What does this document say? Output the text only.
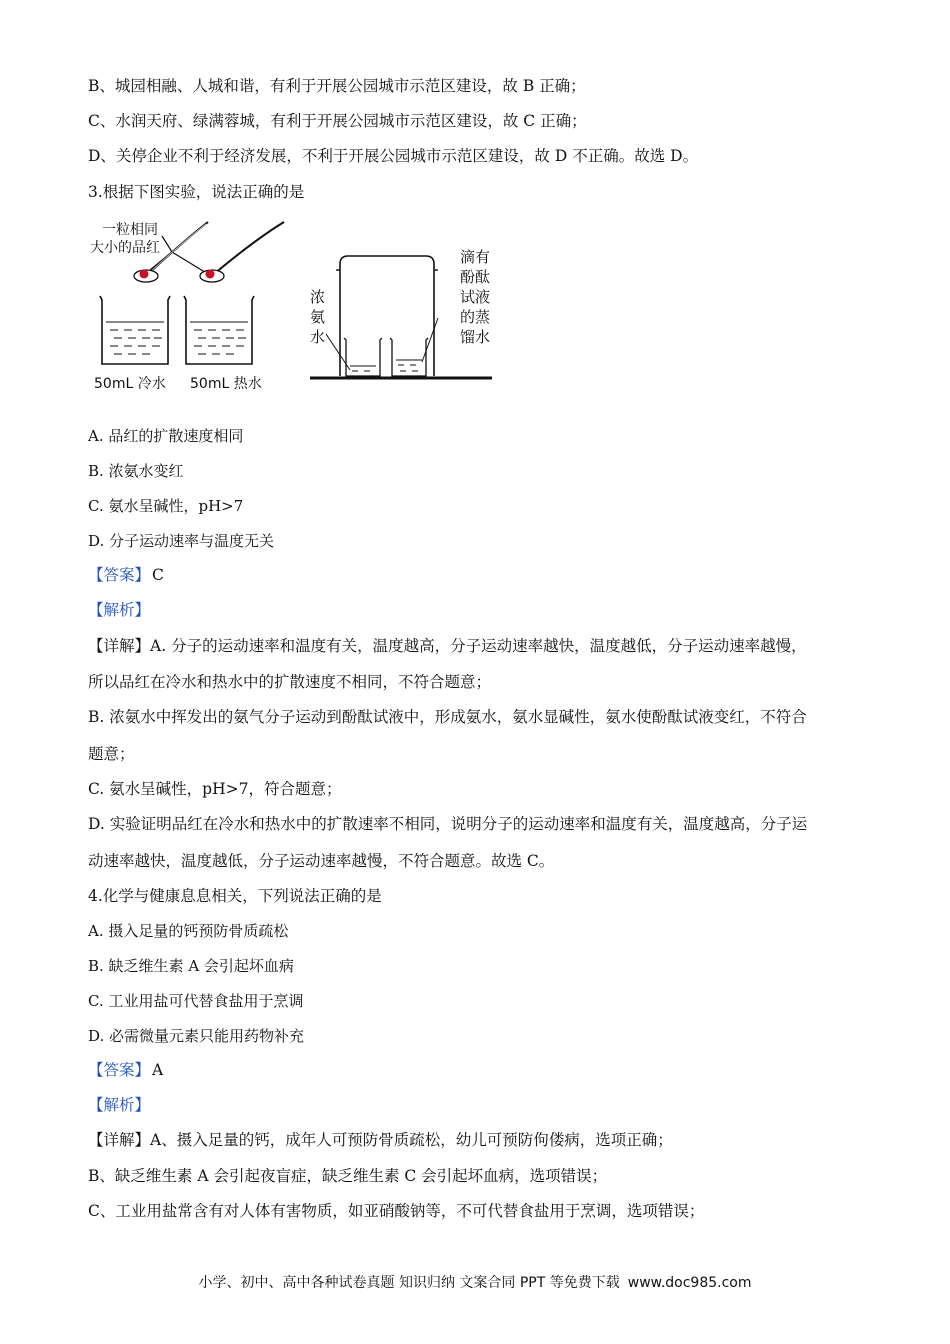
B、城园相融、人城和谐，有利于开展公园城市示范区建设，故 B 正确；
C、水润天府、绿满蓉城，有利于开展公园城市示范区建设，故 C 正确；
D、关停企业不利于经济发展，不利于开展公园城市示范区建设，故 D 不正确。故选 D。
3.根据下图实验，说法正确的是
一粒相同
大小的品红
50mL 冷水 50mL 热水
浓
氨
水
滴有
酚酞
试液
的蒸
馏水
A. 品红的扩散速度相同
B. 浓氨水变红
C. 氨水呈碱性，pH>7
D. 分子运动速率与温度无关
【答案】 C
【解析】
【详解】A. 分子的运动速率和温度有关，温度越高，分子运动速率越快，温度越低，分子运动速率越慢，
所以品红在冷水和热水中的扩散速度不相同，不符合题意；
B. 浓氨水中挥发出的氨气分子运动到酚酞试液中，形成氨水，氨水显碱性，氨水使酚酞试液变红，不符合
题意；
C. 氨水呈碱性，pH>7，符合题意；
D. 实验证明品红在冷水和热水中的扩散速率不相同，说明分子的运动速率和温度有关，温度越高，分子运
动速率越快，温度越低，分子运动速率越慢，不符合题意。故选 C。
4.化学与健康息息相关，下列说法正确的是
A. 摄入足量的钙预防骨质疏松
B. 缺乏维生素 A 会引起坏血病
C. 工业用盐可代替食盐用于烹调
D. 必需微量元素只能用药物补充
【答案】 A
【解析】
【详解】A、摄入足量的钙，成年人可预防骨质疏松，幼儿可预防佝偻病，选项正确；
B、缺乏维生素 A 会引起夜盲症，缺乏维生素 C 会引起坏血病，选项错误；
C、工业用盐常含有对人体有害物质，如亚硝酸钠等，不可代替食盐用于烹调，选项错误；
小学、初中、高中各种试卷真题 知识归纳 文案合同 PPT 等免费下载 www.doc985.com
